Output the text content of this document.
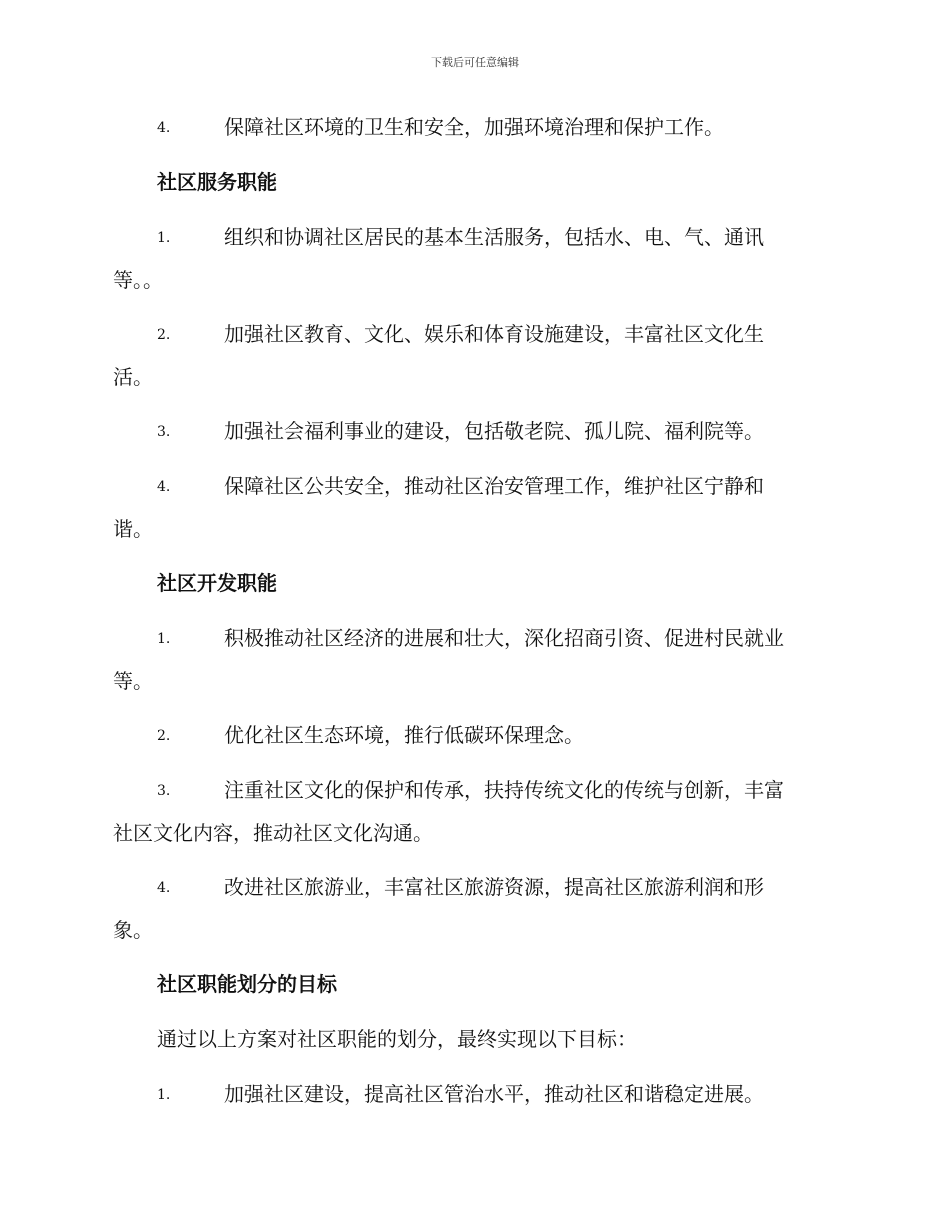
下载后可任意编辑
4.	保障社区环境的卫生和安全，加强环境治理和保护工作。
社区服务职能
1.	组织和协调社区居民的基本生活服务，包括水、电、气、通讯
等。。
2.	加强社区教育、文化、娱乐和体育设施建设，丰富社区文化生
活。
3.	加强社会福利事业的建设，包括敬老院、孤儿院、福利院等。
4.	保障社区公共安全，推动社区治安管理工作，维护社区宁静和
谐。
社区开发职能
1.	积极推动社区经济的进展和壮大，深化招商引资、促进村民就业
等。
2.	优化社区生态环境，推行低碳环保理念。
3.	注重社区文化的保护和传承，扶持传统文化的传统与创新，丰富
社区文化内容，推动社区文化沟通。
4.	改进社区旅游业，丰富社区旅游资源，提高社区旅游利润和形
象。
社区职能划分的目标
通过以上方案对社区职能的划分，最终实现以下目标：
1.	加强社区建设，提高社区管治水平，推动社区和谐稳定进展。
